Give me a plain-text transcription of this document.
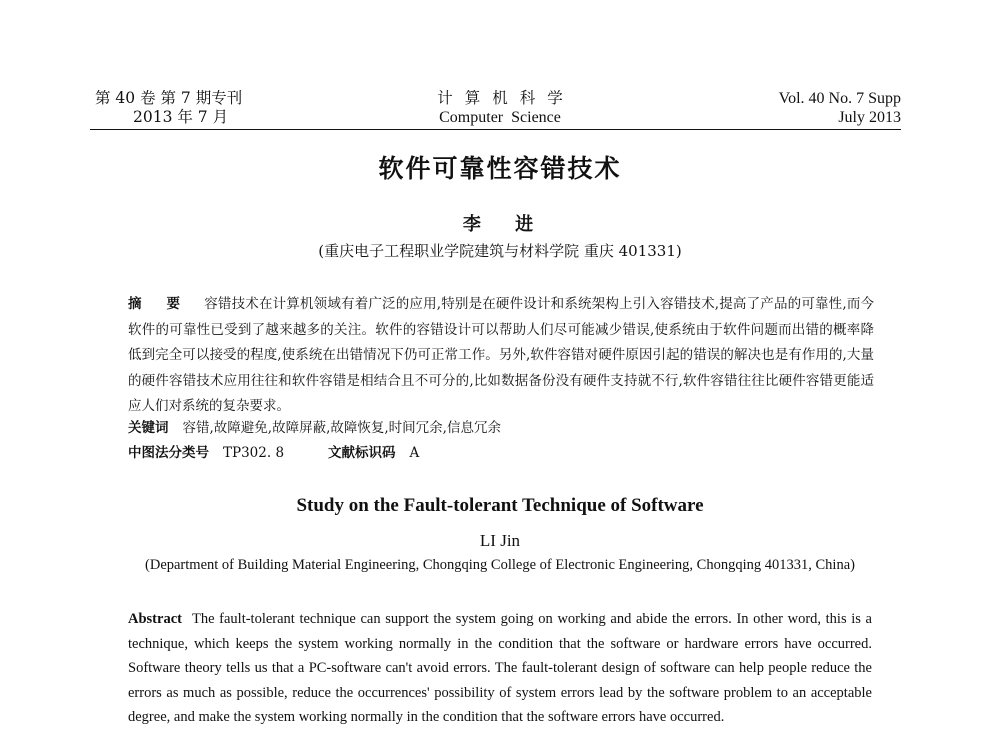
第 40 卷 第 7 期专刊
2013 年 7 月
计算机科学
Computer Science
Vol. 40 No. 7 Supp
July 2013
软件可靠性容错技术
李 进
(重庆电子工程职业学院建筑与材料学院 重庆 401331)
摘 要 容错技术在计算机领域有着广泛的应用,特别是在硬件设计和系统架构上引入容错技术,提高了产品的可靠性,而今软件的可靠性已受到了越来越多的关注。软件的容错设计可以帮助人们尽可能减少错误,使系统由于软件问题而出错的概率降低到完全可以接受的程度,使系统在出错情况下仍可正常工作。另外,软件容错对硬件原因引起的错误的解决也是有作用的,大量的硬件容错技术应用往往和软件容错是相结合且不可分的,比如数据备份没有硬件支持就不行,软件容错往往比硬件容错更能适应人们对系统的复杂要求。
关键词 容错,故障避免,故障屏蔽,故障恢复,时间冗余,信息冗余
中图法分类号 TP302. 8	文献标识码 A
Study on the Fault-tolerant Technique of Software
LI Jin
(Department of Building Material Engineering, Chongqing College of Electronic Engineering, Chongqing 401331, China)
Abstract The fault-tolerant technique can support the system going on working and abide the errors. In other word, this is a technique, which keeps the system working normally in the condition that the software or hardware errors have occurred. Software theory tells us that a PC-software can't avoid errors. The fault-tolerant design of software can help people reduce the errors as much as possible, reduce the occurrences' possibility of system errors lead by the software problem to an acceptable degree, and make the system working normally in the condition that the software errors have occurred.
